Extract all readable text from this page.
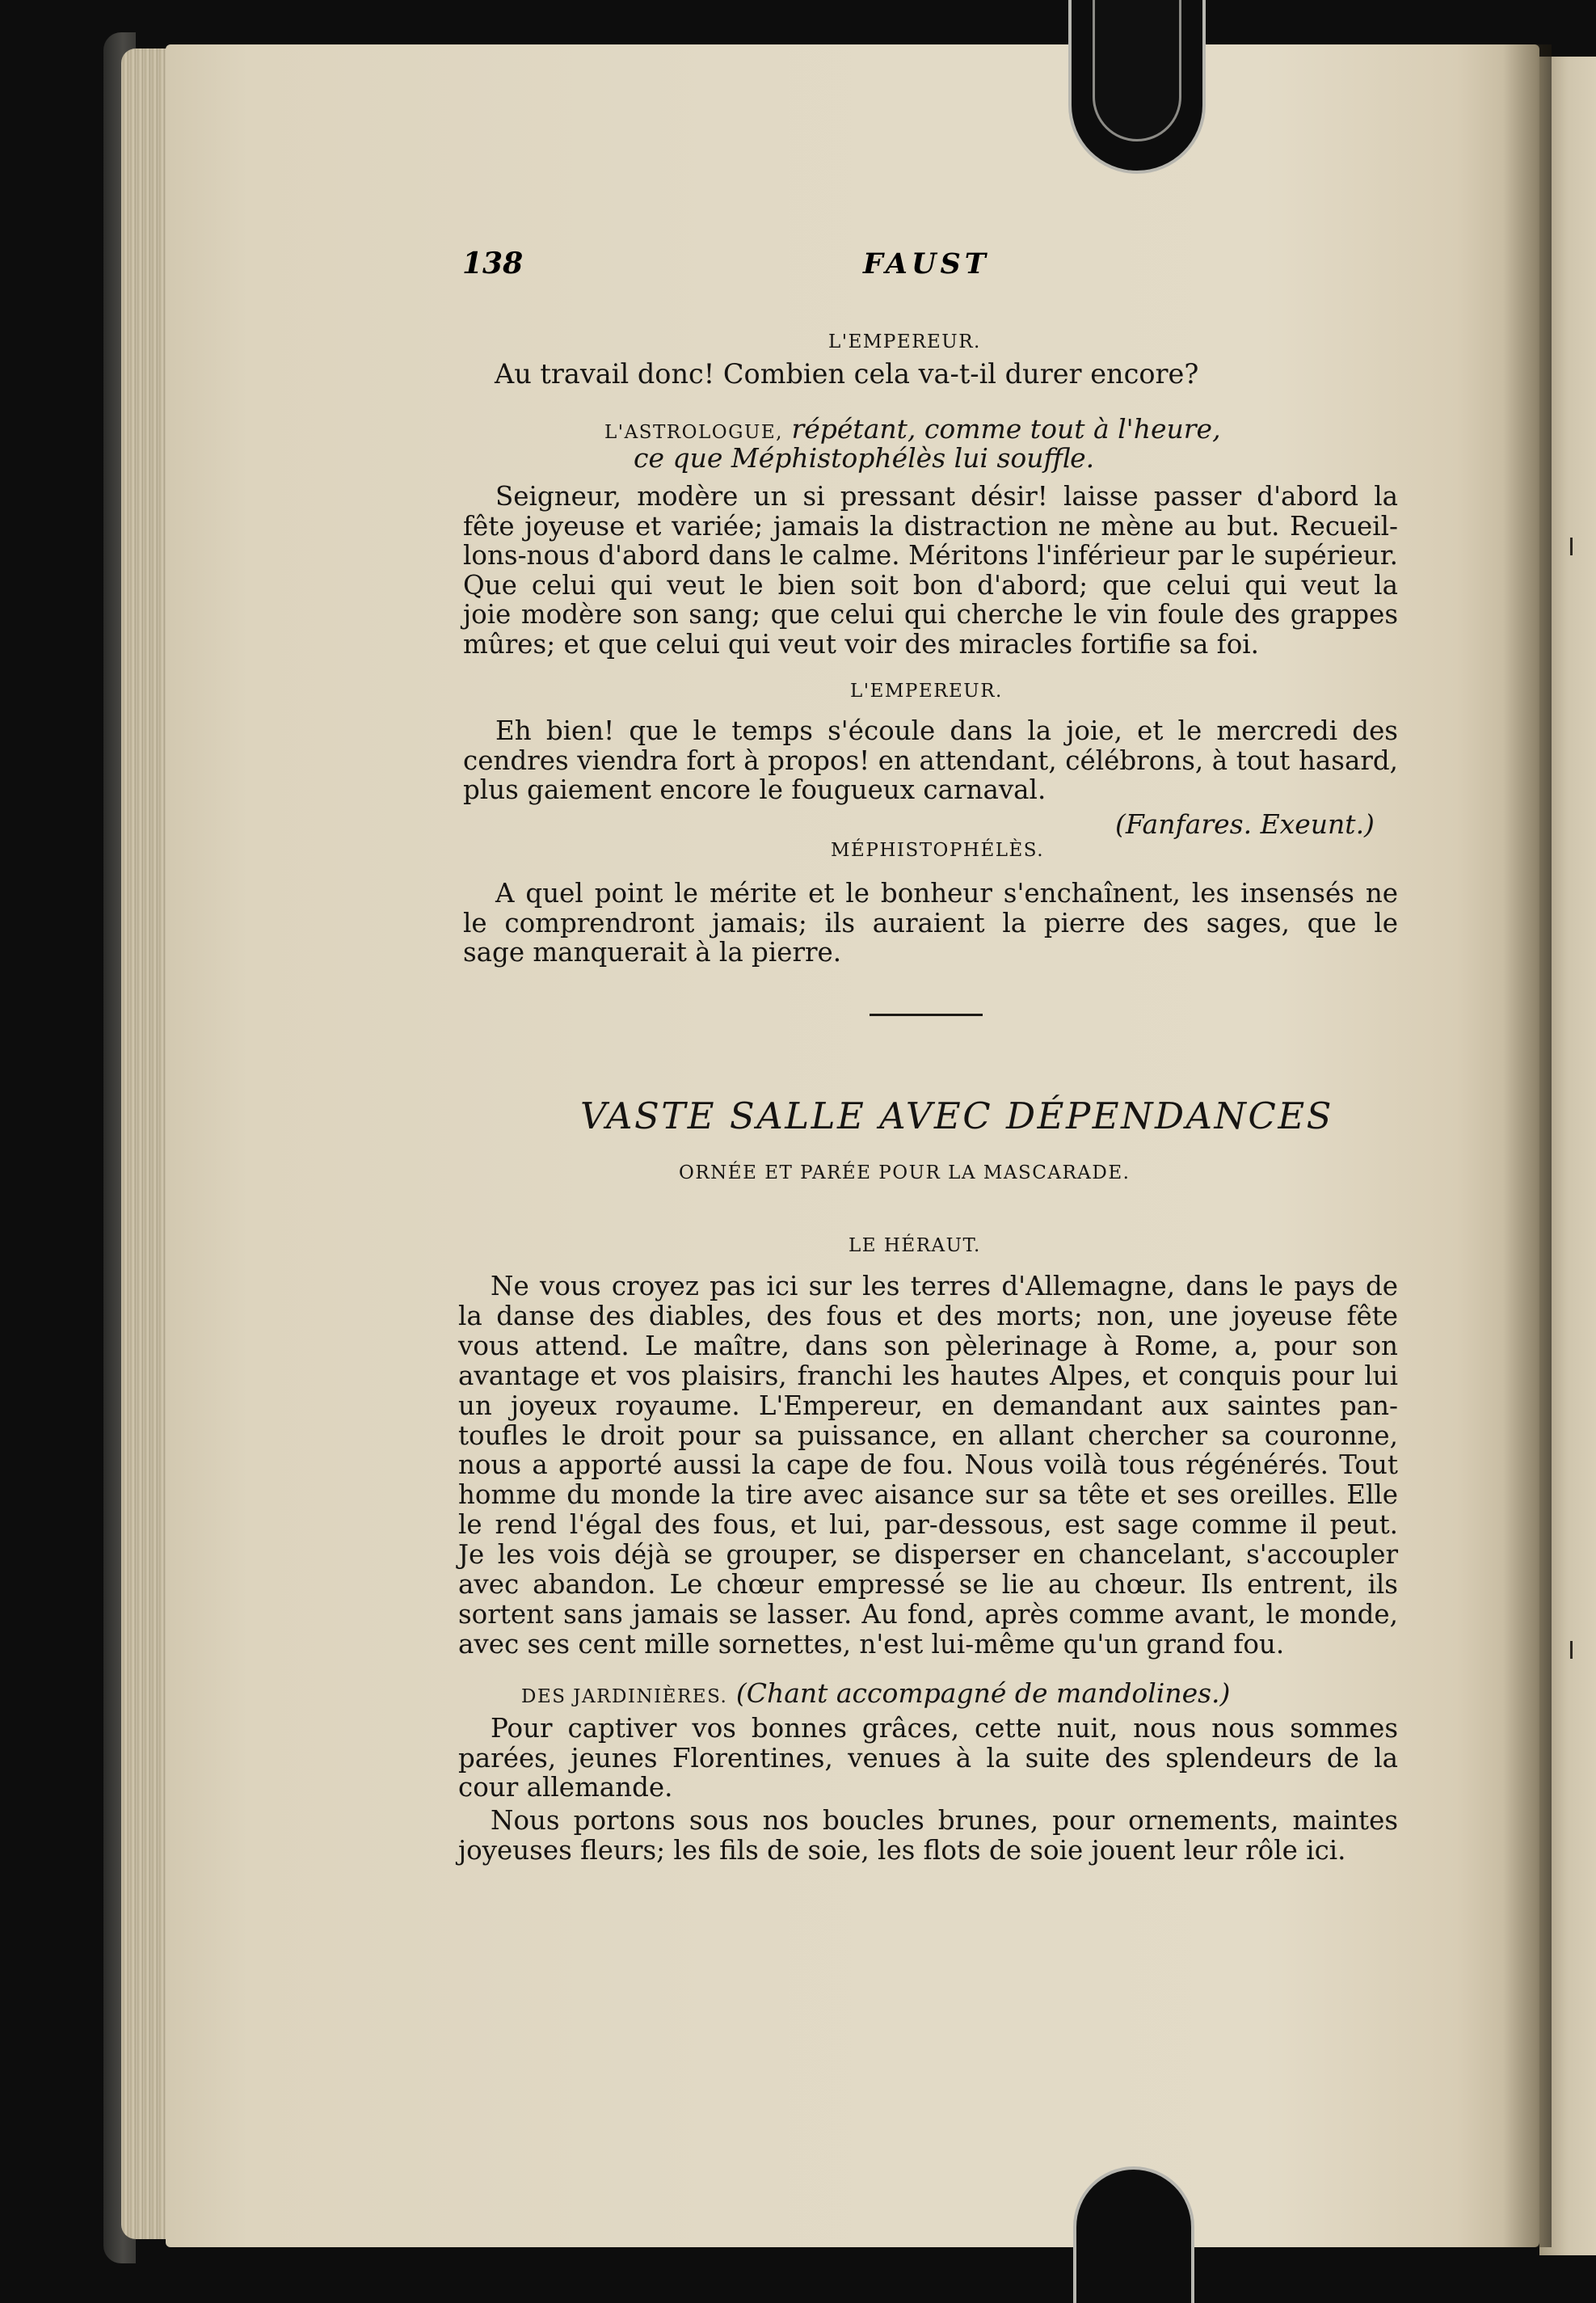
138	FAUST
L'EMPEREUR.
Au travail donc! Combien cela va-t-il durer encore?
L'ASTROLOGUE, répétant, comme tout à l'heure,
ce que Méphistophélès lui souffle.
Seigneur, modère un si pressant désir! laisse passer d'abord la
fête joyeuse et variée; jamais la distraction ne mène au but. Recueil-
lons-nous d'abord dans le calme. Méritons l'inférieur par le supérieur.
Que celui qui veut le bien soit bon d'abord; que celui qui veut la
joie modère son sang; que celui qui cherche le vin foule des grappes
mûres; et que celui qui veut voir des miracles fortifie sa foi.
L'EMPEREUR.
Eh bien! que le temps s'écoule dans la joie, et le mercredi des
cendres viendra fort à propos! en attendant, célébrons, à tout hasard,
plus gaiement encore le fougueux carnaval.
(Fanfares. Exeunt.)
MÉPHISTOPHÉLÈS.
A quel point le mérite et le bonheur s'enchaînent, les insensés ne
le comprendront jamais; ils auraient la pierre des sages, que le
sage manquerait à la pierre.
VASTE SALLE AVEC DÉPENDANCES
ORNÉE ET PARÉE POUR LA MASCARADE.
LE HÉRAUT.
Ne vous croyez pas ici sur les terres d'Allemagne, dans le pays de
la danse des diables, des fous et des morts; non, une joyeuse fête
vous attend. Le maître, dans son pèlerinage à Rome, a, pour son
avantage et vos plaisirs, franchi les hautes Alpes, et conquis pour lui
un joyeux royaume. L'Empereur, en demandant aux saintes pan-
toufles le droit pour sa puissance, en allant chercher sa couronne,
nous a apporté aussi la cape de fou. Nous voilà tous régénérés. Tout
homme du monde la tire avec aisance sur sa tête et ses oreilles. Elle
le rend l'égal des fous, et lui, par-dessous, est sage comme il peut.
Je les vois déjà se grouper, se disperser en chancelant, s'accoupler
avec abandon. Le chœur empressé se lie au chœur. Ils entrent, ils
sortent sans jamais se lasser. Au fond, après comme avant, le monde,
avec ses cent mille sornettes, n'est lui-même qu'un grand fou.
DES JARDINIÈRES. (Chant accompagné de mandolines.)
Pour captiver vos bonnes grâces, cette nuit, nous nous sommes
parées, jeunes Florentines, venues à la suite des splendeurs de la
cour allemande.
Nous portons sous nos boucles brunes, pour ornements, maintes
joyeuses fleurs; les fils de soie, les flots de soie jouent leur rôle ici.
